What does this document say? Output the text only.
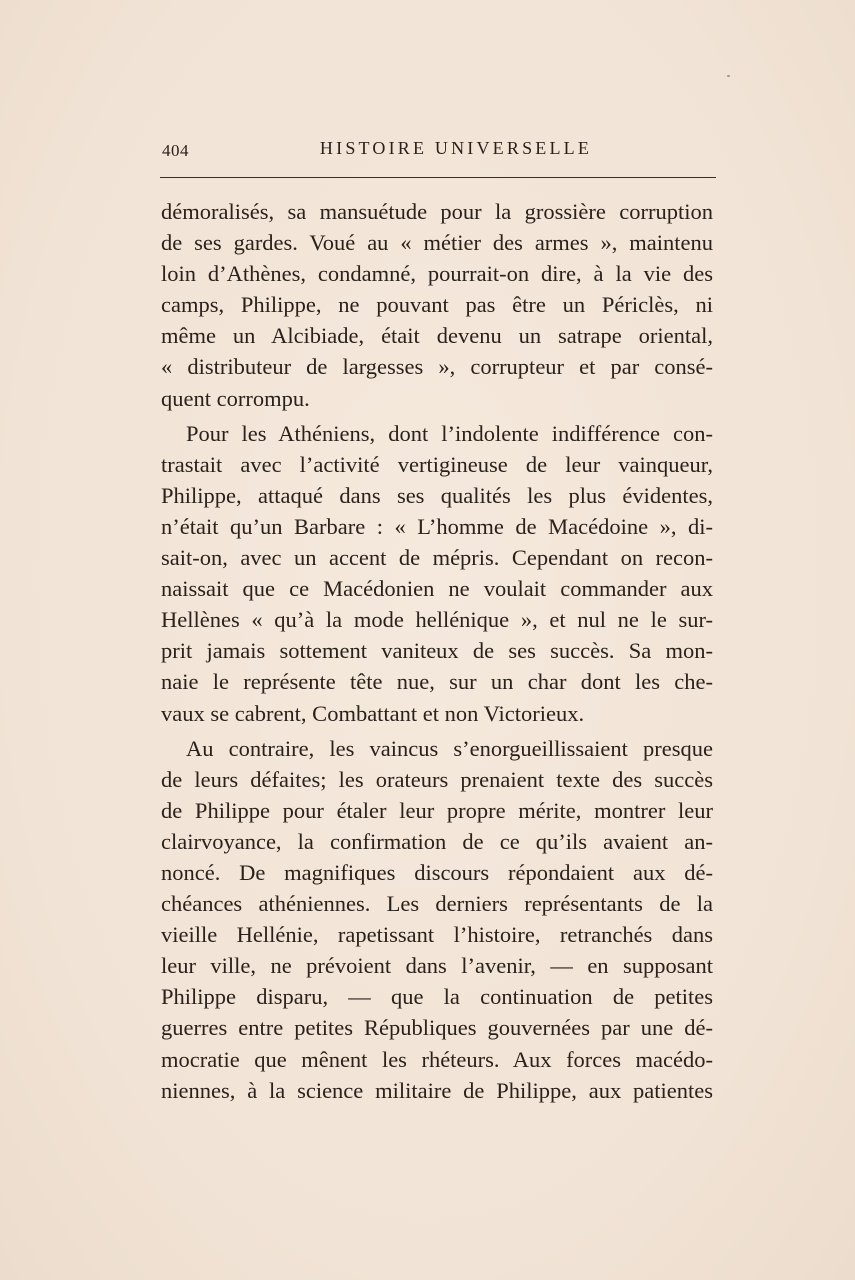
404	HISTOIRE UNIVERSELLE
démoralisés, sa mansuétude pour la grossière corruption
de ses gardes. Voué au « métier des armes », maintenu
loin d’Athènes, condamné, pourrait-on dire, à la vie des
camps, Philippe, ne pouvant pas être un Périclès, ni
même un Alcibiade, était devenu un satrape oriental,
« distributeur de largesses », corrupteur et par consé-
quent corrompu.
Pour les Athéniens, dont l’indolente indifférence con-
trastait avec l’activité vertigineuse de leur vainqueur,
Philippe, attaqué dans ses qualités les plus évidentes,
n’était qu’un Barbare : « L’homme de Macédoine », di-
sait-on, avec un accent de mépris. Cependant on recon-
naissait que ce Macédonien ne voulait commander aux
Hellènes « qu’à la mode hellénique », et nul ne le sur-
prit jamais sottement vaniteux de ses succès. Sa mon-
naie le représente tête nue, sur un char dont les che-
vaux se cabrent, Combattant et non Victorieux.
Au contraire, les vaincus s’enorgueillissaient presque
de leurs défaites; les orateurs prenaient texte des succès
de Philippe pour étaler leur propre mérite, montrer leur
clairvoyance, la confirmation de ce qu’ils avaient an-
noncé. De magnifiques discours répondaient aux dé-
chéances athéniennes. Les derniers représentants de la
vieille Hellénie, rapetissant l’histoire, retranchés dans
leur ville, ne prévoient dans l’avenir, — en supposant
Philippe disparu, — que la continuation de petites
guerres entre petites Républiques gouvernées par une dé-
mocratie que mênent les rhéteurs. Aux forces macédo-
niennes, à la science militaire de Philippe, aux patientes
